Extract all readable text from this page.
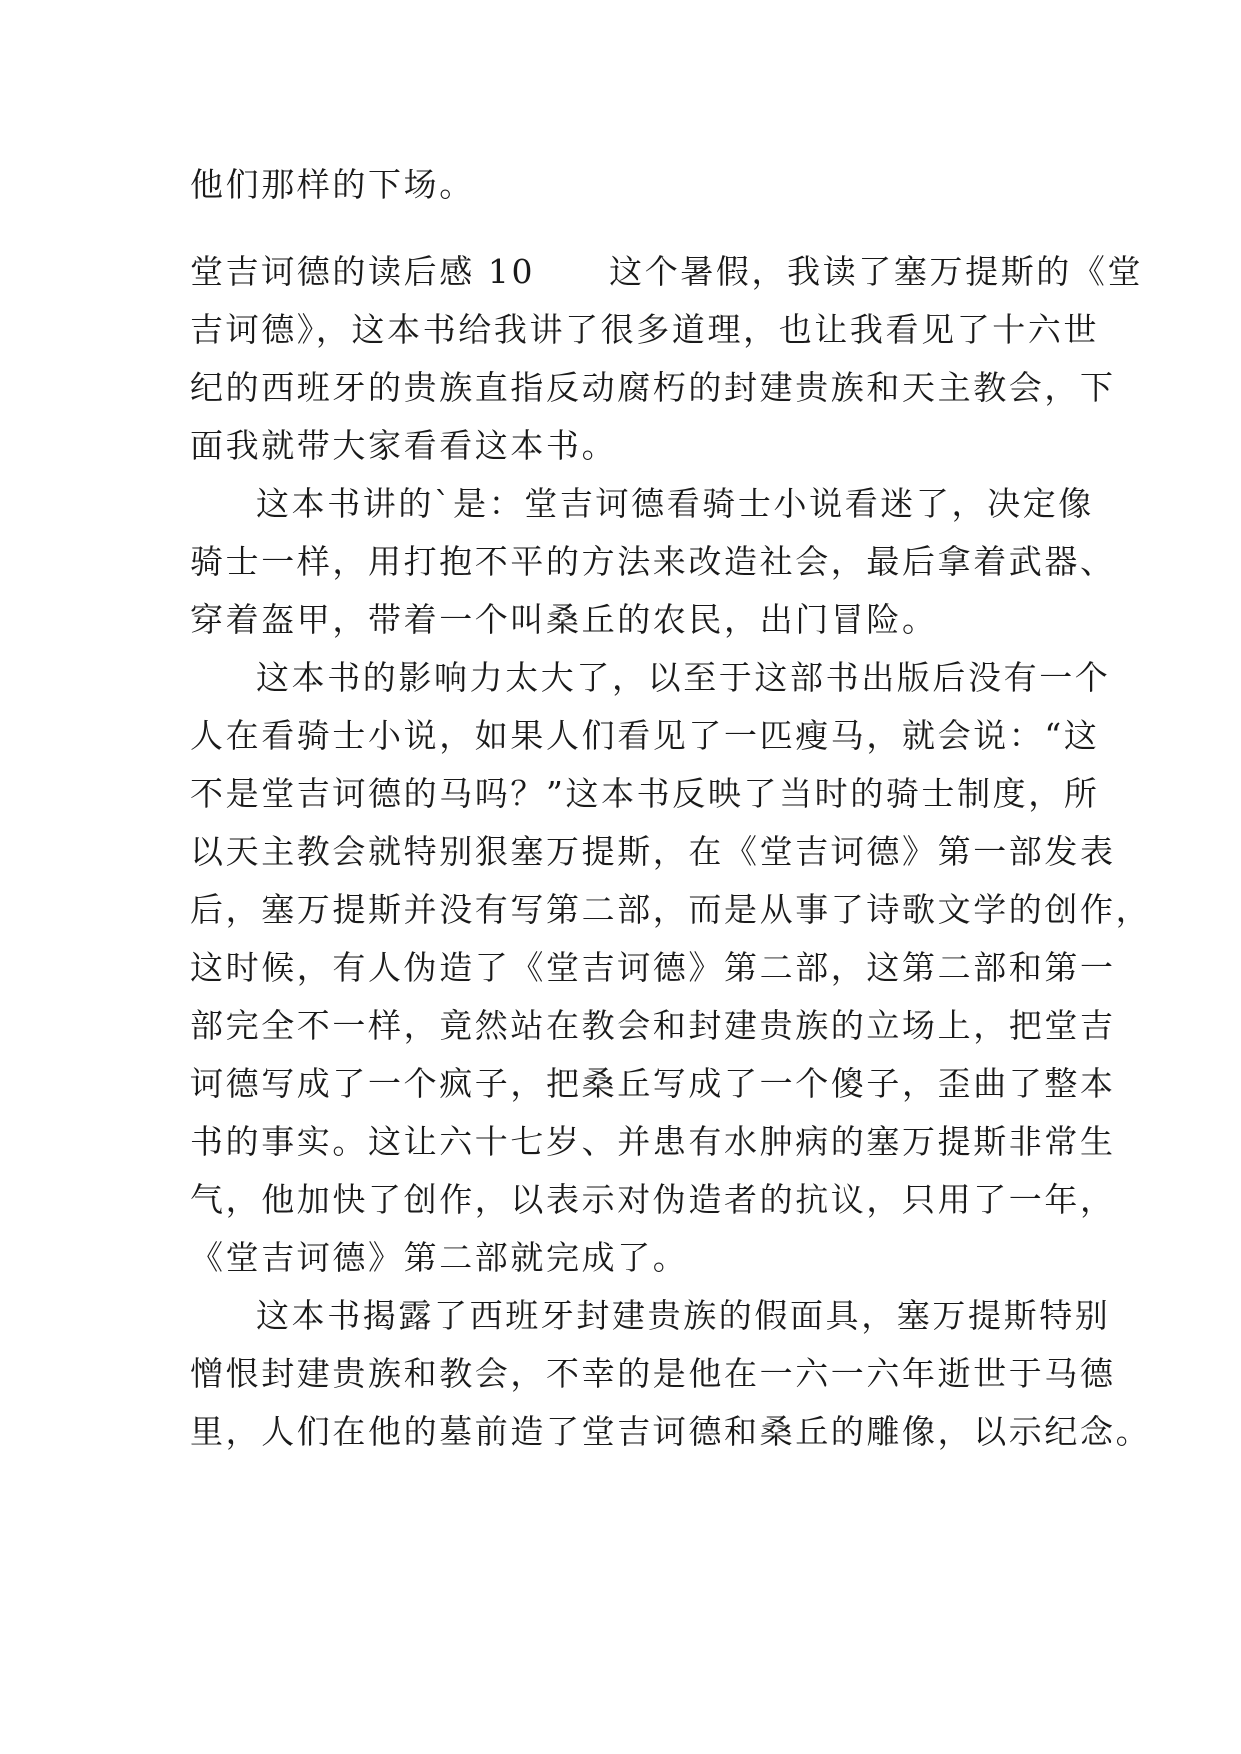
他们那样的下场。
堂吉诃德的读后感 10 这个暑假，我读了塞万提斯的《堂
吉诃德》，这本书给我讲了很多道理，也让我看见了十六世
纪的西班牙的贵族直指反动腐朽的封建贵族和天主教会，下
面我就带大家看看这本书。
这本书讲的`是：堂吉诃德看骑士小说看迷了，决定像
骑士一样，用打抱不平的方法来改造社会，最后拿着武器、
穿着盔甲，带着一个叫桑丘的农民，出门冒险。
这本书的影响力太大了，以至于这部书出版后没有一个
人在看骑士小说，如果人们看见了一匹瘦马，就会说：“这
不是堂吉诃德的马吗？”这本书反映了当时的骑士制度，所
以天主教会就特别狠塞万提斯，在《堂吉诃德》第一部发表
后，塞万提斯并没有写第二部，而是从事了诗歌文学的创作，
这时候，有人伪造了《堂吉诃德》第二部，这第二部和第一
部完全不一样，竟然站在教会和封建贵族的立场上，把堂吉
诃德写成了一个疯子，把桑丘写成了一个傻子，歪曲了整本
书的事实。这让六十七岁、并患有水肿病的塞万提斯非常生
气，他加快了创作，以表示对伪造者的抗议，只用了一年，
《堂吉诃德》第二部就完成了。
这本书揭露了西班牙封建贵族的假面具，塞万提斯特别
憎恨封建贵族和教会，不幸的是他在一六一六年逝世于马德
里，人们在他的墓前造了堂吉诃德和桑丘的雕像，以示纪念。
